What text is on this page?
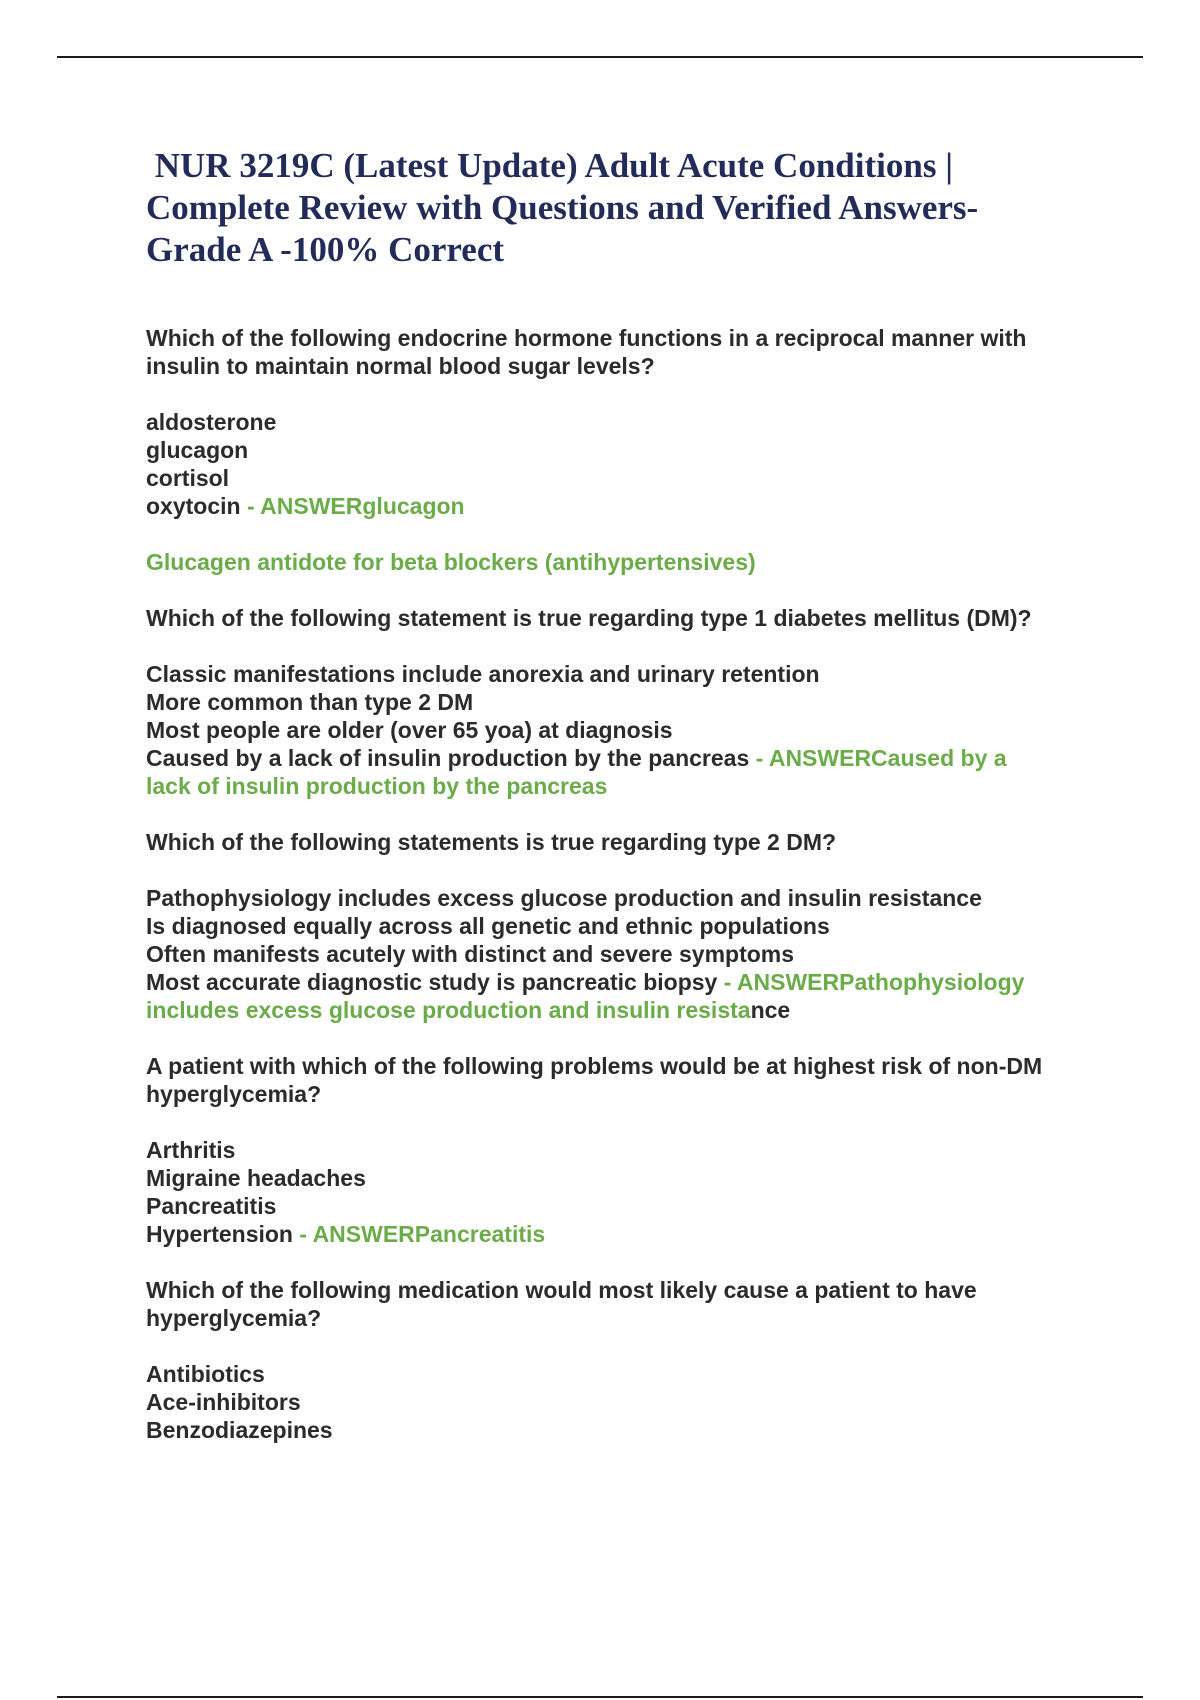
NUR 3219C (Latest Update) Adult Acute Conditions |
Complete Review with Questions and Verified Answers-
Grade A -100% Correct
Which of the following endocrine hormone functions in a reciprocal manner with
insulin to maintain normal blood sugar levels?
aldosterone
glucagon
cortisol
oxytocin - ANSWERglucagon
Glucagen antidote for beta blockers (antihypertensives)
Which of the following statement is true regarding type 1 diabetes mellitus (DM)?
Classic manifestations include anorexia and urinary retention
More common than type 2 DM
Most people are older (over 65 yoa) at diagnosis
Caused by a lack of insulin production by the pancreas - ANSWERCaused by a
lack of insulin production by the pancreas
Which of the following statements is true regarding type 2 DM?
Pathophysiology includes excess glucose production and insulin resistance
Is diagnosed equally across all genetic and ethnic populations
Often manifests acutely with distinct and severe symptoms
Most accurate diagnostic study is pancreatic biopsy - ANSWERPathophysiology
includes excess glucose production and insulin resistance
A patient with which of the following problems would be at highest risk of non-DM
hyperglycemia?
Arthritis
Migraine headaches
Pancreatitis
Hypertension - ANSWERPancreatitis
Which of the following medication would most likely cause a patient to have
hyperglycemia?
Antibiotics
Ace-inhibitors
Benzodiazepines
